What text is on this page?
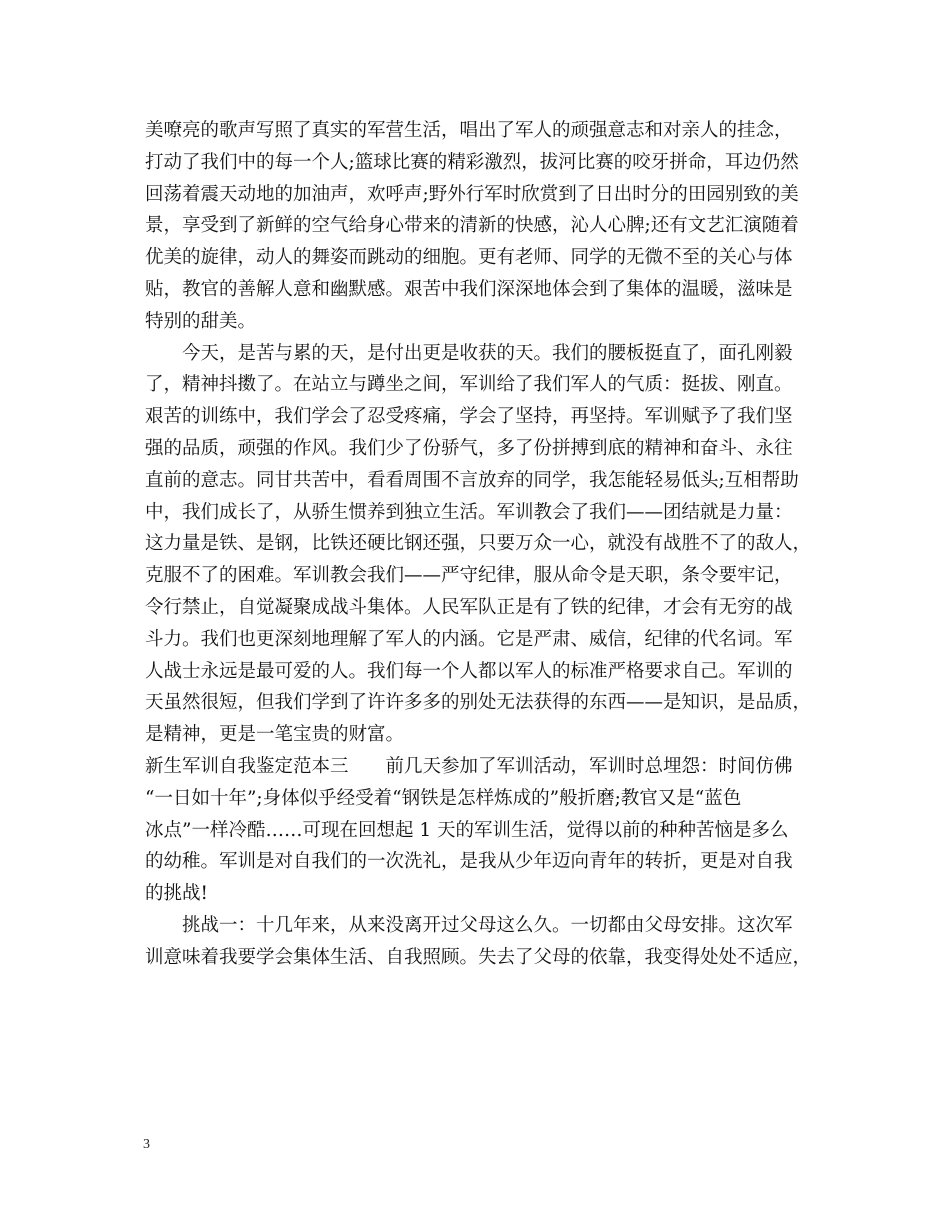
美嘹亮的歌声写照了真实的军营生活，唱出了军人的顽强意志和对亲人的挂念，
打动了我们中的每一个人;篮球比赛的精彩激烈，拔河比赛的咬牙拼命，耳边仍然
回荡着震天动地的加油声，欢呼声;野外行军时欣赏到了日出时分的田园别致的美
景，享受到了新鲜的空气给身心带来的清新的快感，沁人心脾;还有文艺汇演随着
优美的旋律，动人的舞姿而跳动的细胞。更有老师、同学的无微不至的关心与体
贴，教官的善解人意和幽默感。艰苦中我们深深地体会到了集体的温暖，滋味是
特别的甜美。
今天，是苦与累的天，是付出更是收获的天。我们的腰板挺直了，面孔刚毅
了，精神抖擞了。在站立与蹲坐之间，军训给了我们军人的气质：挺拔、刚直。
艰苦的训练中，我们学会了忍受疼痛，学会了坚持，再坚持。军训赋予了我们坚
强的品质，顽强的作风。我们少了份骄气，多了份拼搏到底的精神和奋斗、永往
直前的意志。同甘共苦中，看看周围不言放弃的同学，我怎能轻易低头;互相帮助
中，我们成长了，从骄生惯养到独立生活。军训教会了我们——团结就是力量：
这力量是铁、是钢，比铁还硬比钢还强，只要万众一心，就没有战胜不了的敌人，
克服不了的困难。军训教会我们——严守纪律，服从命令是天职，条令要牢记，
令行禁止，自觉凝聚成战斗集体。人民军队正是有了铁的纪律，才会有无穷的战
斗力。我们也更深刻地理解了军人的内涵。它是严肃、威信，纪律的代名词。军
人战士永远是最可爱的人。我们每一个人都以军人的标准严格要求自己。军训的
天虽然很短，但我们学到了许许多多的别处无法获得的东西——是知识，是品质，
是精神，更是一笔宝贵的财富。
新生军训自我鉴定范本三　　前几天参加了军训活动，军训时总埋怨：时间仿佛
“一日如十年”;身体似乎经受着“钢铁是怎样炼成的”般折磨;教官又是“蓝色
冰点”一样冷酷……可现在回想起 1 天的军训生活，觉得以前的种种苦恼是多么
的幼稚。军训是对自我们的一次洗礼，是我从少年迈向青年的转折，更是对自我
的挑战!
挑战一：十几年来，从来没离开过父母这么久。一切都由父母安排。这次军
训意味着我要学会集体生活、自我照顾。失去了父母的依靠，我变得处处不适应，
3
